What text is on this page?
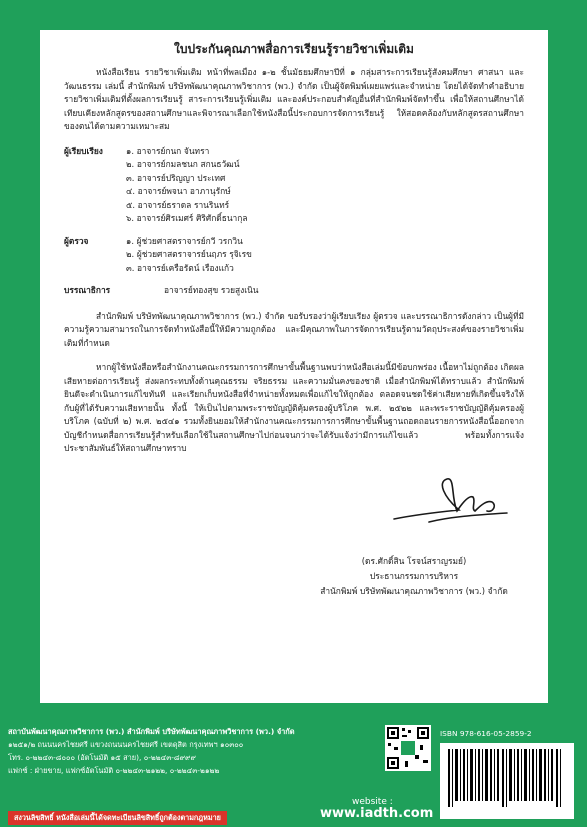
ใบประกันคุณภาพสื่อการเรียนรู้รายวิชาเพิ่มเติม

หนังสือเรียน รายวิชาเพิ่มเติม หน้าที่พลเมือง ๑-๒ ชั้นมัธยมศึกษาปีที่ ๑ กลุ่มสาระการเรียนรู้สังคมศึกษา ศาสนา และวัฒนธรรม เล่มนี้ สำนักพิมพ์ บริษัทพัฒนาคุณภาพวิชาการ (พว.) จำกัด เป็นผู้จัดพิมพ์เผยแพร่และจำหน่าย โดยได้จัดทำคำอธิบายรายวิชาเพิ่มเติมที่ตั้งผลการเรียนรู้ สาระการเรียนรู้เพิ่มเติม และองค์ประกอบสำคัญอื่นที่สำนักพิมพ์จัดทำขึ้น เพื่อให้สถานศึกษาได้เทียบเคียงหลักสูตรของสถานศึกษาและพิจารณาเลือกใช้หนังสือนี้ประกอบการจัดการเรียนรู้ ให้สอดคล้องกับหลักสูตรสถานศึกษาของตนได้ตามความเหมาะสม

ผู้เรียบเรียง	๑. อาจารย์กนก จันทรา
๒. อาจารย์กมลชนก สกนธวัฒน์
๓. อาจารย์ปริญญา ประเทศ
๔. อาจารย์พจนา อาภานุรักษ์
๕. อาจารย์ธราดล รานรินทร์
๖. อาจารย์ศิรเมศร์ ศิริศักดิ์ธนากุล
ผู้ตรวจ	๑. ผู้ช่วยศาสตราจารย์กวี วรกวิน
๒. ผู้ช่วยศาสตราจารย์นฤภร รุจิเรข
๓. อาจารย์เครือรัตน์ เรืองแก้ว
บรรณาธิการ	อาจารย์ทองสุข รวยสูงเนิน

สำนักพิมพ์ บริษัทพัฒนาคุณภาพวิชาการ (พว.) จำกัด ขอรับรองว่าผู้เรียบเรียง ผู้ตรวจ และบรรณาธิการดังกล่าว เป็นผู้ที่มีความรู้ความสามารถในการจัดทำหนังสือนี้ให้มีความถูกต้อง และมีคุณภาพในการจัดการเรียนรู้ตามวัตถุประสงค์ของรายวิชาเพิ่มเติมที่กำหนด

หากผู้ใช้หนังสือหรือสำนักงานคณะกรรมการการศึกษาขั้นพื้นฐานพบว่าหนังสือเล่มนี้มีข้อบกพร่อง เนื้อหาไม่ถูกต้อง เกิดผลเสียหายต่อการเรียนรู้ ส่งผลกระทบทั้งด้านคุณธรรม จริยธรรม และความมั่นคงของชาติ เมื่อสำนักพิมพ์ได้ทราบแล้ว สำนักพิมพ์ยินดีจะดำเนินการแก้ไขทันที และเรียกเก็บหนังสือที่จำหน่ายทั้งหมดเพื่อแก้ไขให้ถูกต้อง ตลอดจนชดใช้ค่าเสียหายที่เกิดขึ้นจริงให้กับผู้ที่ได้รับความเสียหายนั้น ทั้งนี้ ให้เป็นไปตามพระราชบัญญัติคุ้มครองผู้บริโภค พ.ศ. ๒๕๒๒ และพระราชบัญญัติคุ้มครองผู้บริโภค (ฉบับที่ ๒) พ.ศ. ๒๕๔๑ รวมทั้งยินยอมให้สำนักงานคณะกรรมการการศึกษาขั้นพื้นฐานถอดถอนรายการหนังสือนี้ออกจากบัญชีกำหนดสื่อการเรียนรู้สำหรับเลือกใช้ในสถานศึกษาไปก่อนจนกว่าจะได้รับแจ้งว่ามีการแก้ไขแล้ว พร้อมทั้งการแจ้งประชาสัมพันธ์ให้สถานศึกษาทราบ

(ดร.ศักดิ์สิน โรจน์สราญรมย์)
ประธานกรรมการบริหาร
สำนักพิมพ์ บริษัทพัฒนาคุณภาพวิชาการ (พว.) จำกัด
สถาบันพัฒนาคุณภาพวิชาการ (พว.) สำนักพิมพ์ บริษัทพัฒนาคุณภาพวิชาการ (พว.) จำกัด
๑๒๕๑/๒ ถนนนครไชยศรี แขวงถนนนครไชยศรี เขตดุสิต กรุงเทพฯ ๑๐๓๐๐
โทร. ๐-๒๒๔๓-๘๐๐๐ (อัตโนมัติ ๑๕ สาย), ๐-๒๒๔๓-๘๙๙๙
แฟกซ์ : ฝ่ายขาย, แฟกซ์อัตโนมัติ ๐-๒๒๔๓-๒๑๒๒, ๐-๒๒๔๓-๒๑๒๒
สงวนลิขสิทธิ์ หนังสือเล่มนี้ได้จดทะเบียนลิขสิทธิ์ถูกต้องตามกฎหมาย
website :
www.iadth.com
ISBN 978-616-05-2859-2
